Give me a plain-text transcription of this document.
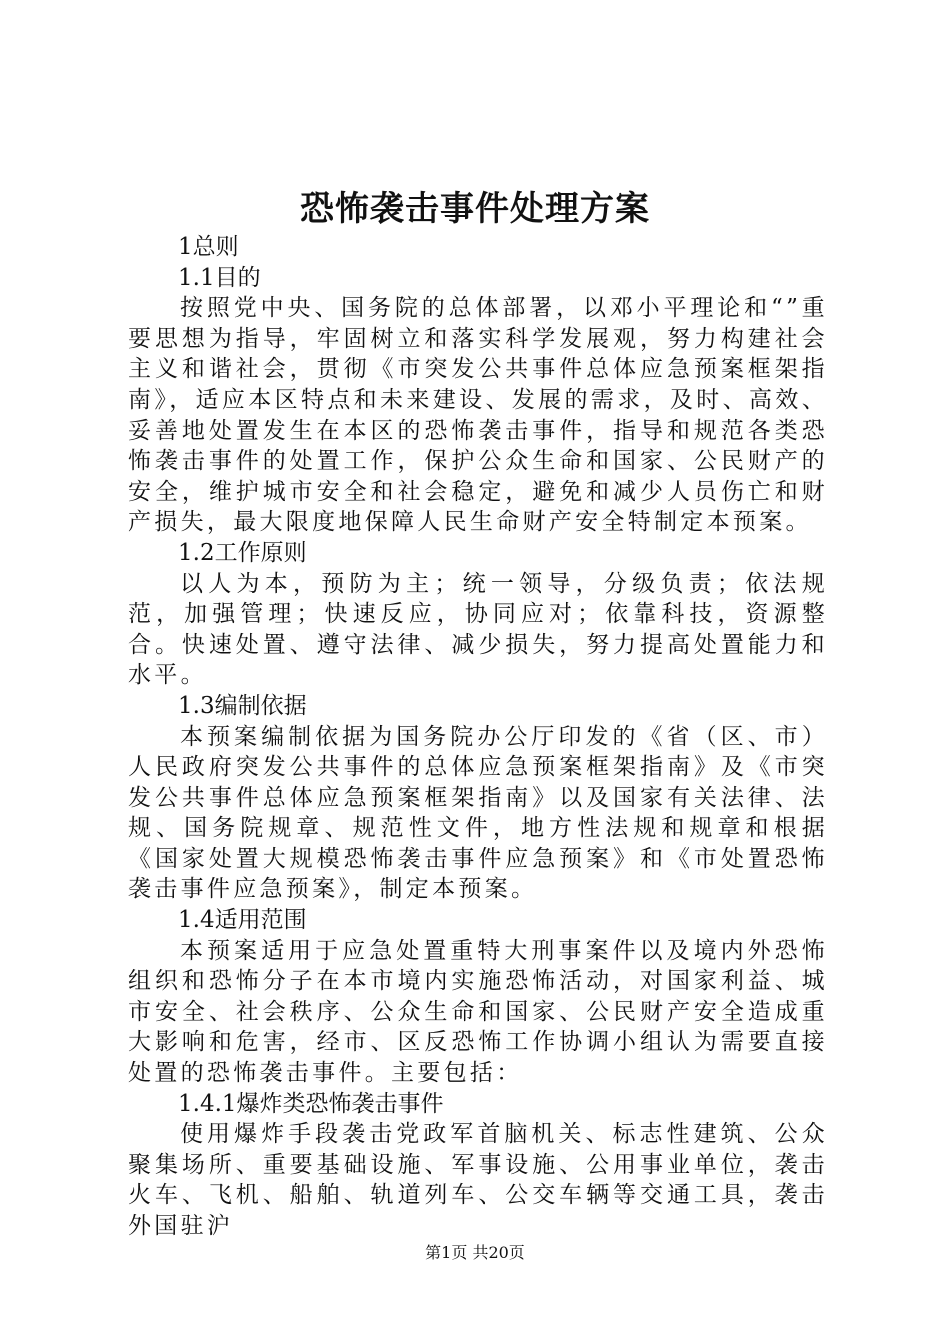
恐怖袭击事件处理方案

1总则

1.1目的

按照党中央、国务院的总体部署，以邓小平理论和“”重要思想为指导，牢固树立和落实科学发展观，努力构建社会主义和谐社会，贯彻《市突发公共事件总体应急预案框架指南》，适应本区特点和未来建设、发展的需求，及时、高效、妥善地处置发生在本区的恐怖袭击事件，指导和规范各类恐怖袭击事件的处置工作，保护公众生命和国家、公民财产的安全，维护城市安全和社会稳定，避免和减少人员伤亡和财产损失，最大限度地保障人民生命财产安全特制定本预案。

1.2工作原则

以人为本，预防为主；统一领导，分级负责；依法规范，加强管理；快速反应，协同应对；依靠科技，资源整合。快速处置、遵守法律、减少损失，努力提高处置能力和水平。

1.3编制依据

本预案编制依据为国务院办公厅印发的《省（区、市）人民政府突发公共事件的总体应急预案框架指南》及《市突发公共事件总体应急预案框架指南》以及国家有关法律、法规、国务院规章、规范性文件，地方性法规和规章和根据《国家处置大规模恐怖袭击事件应急预案》和《市处置恐怖袭击事件应急预案》，制定本预案。

1.4适用范围

本预案适用于应急处置重特大刑事案件以及境内外恐怖组织和恐怖分子在本市境内实施恐怖活动，对国家利益、城市安全、社会秩序、公众生命和国家、公民财产安全造成重大影响和危害，经市、区反恐怖工作协调小组认为需要直接处置的恐怖袭击事件。主要包括：

1.4.1爆炸类恐怖袭击事件

使用爆炸手段袭击党政军首脑机关、标志性建筑、公众聚集场所、重要基础设施、军事设施、公用事业单位，袭击火车、飞机、船舶、轨道列车、公交车辆等交通工具，袭击外国驻沪

第1页 共20页
